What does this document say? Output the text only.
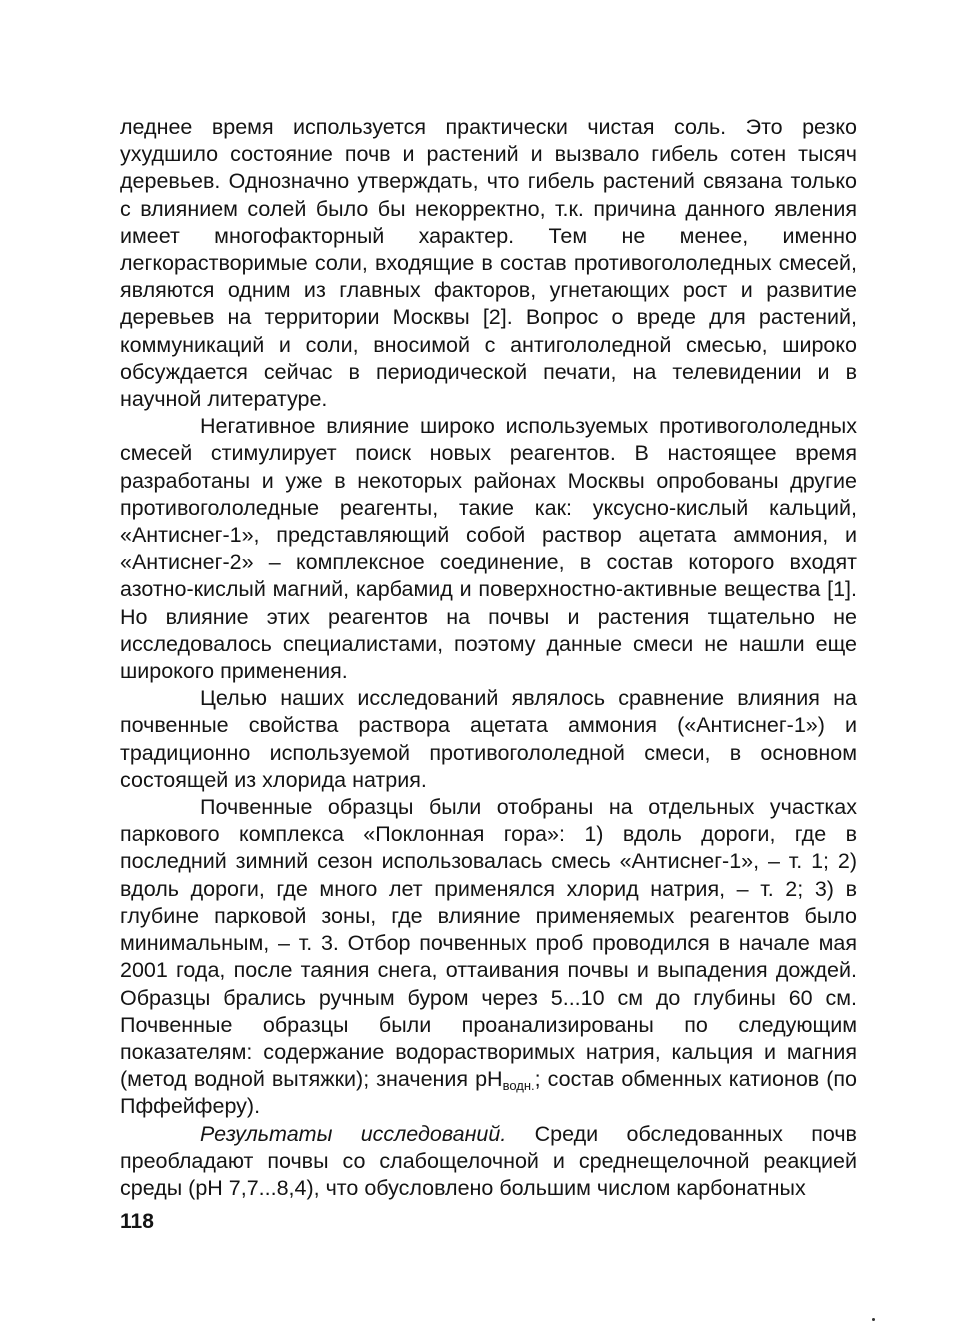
леднее время используется практически чистая соль. Это резко ухудшило состояние почв и растений и вызвало гибель сотен тысяч деревьев. Однозначно утверждать, что гибель растений связана только с влиянием солей было бы некорректно, т.к. причина данного явления имеет многофакторный характер. Тем не менее, именно легкорастворимые соли, входящие в состав противогололедных смесей, являются одним из главных факторов, угнетающих рост и развитие деревьев на территории Москвы [2]. Вопрос о вреде для растений, коммуникаций и соли, вносимой с антигололедной смесью, широко обсуждается сейчас в периодической печати, на телевидении и в научной литературе.

Негативное влияние широко используемых противогололедных смесей стимулирует поиск новых реагентов. В настоящее время разработаны и уже в некоторых районах Москвы опробованы другие противогололедные реагенты, такие как: уксусно-кислый кальций, «Антиснег-1», представляющий собой раствор ацетата аммония, и «Антиснег-2» – комплексное соединение, в состав которого входят азотно-кислый магний, карбамид и поверхностно-активные вещества [1]. Но влияние этих реагентов на почвы и растения тщательно не исследовалось специалистами, поэтому данные смеси не нашли еще широкого применения.

Целью наших исследований являлось сравнение влияния на почвенные свойства раствора ацетата аммония («Антиснег-1») и традиционно используемой противогололедной смеси, в основном состоящей из хлорида натрия.

Почвенные образцы были отобраны на отдельных участках паркового комплекса «Поклонная гора»: 1) вдоль дороги, где в последний зимний сезон использовалась смесь «Антиснег-1», – т. 1; 2) вдоль дороги, где много лет применялся хлорид натрия, – т. 2; 3) в глубине парковой зоны, где влияние применяемых реагентов было минимальным, – т. 3. Отбор почвенных проб проводился в начале мая 2001 года, после таяния снега, оттаивания почвы и выпадения дождей. Образцы брались ручным буром через 5...10 см до глубины 60 см. Почвенные образцы были проанализированы по следующим показателям: содержание водорастворимых натрия, кальция и магния (метод водной вытяжки); значения $pH_{водн.}$; состав обменных катионов (по Пффейферу).

Результаты исследований. Среди обследованных почв преобладают почвы со слабощелочной и среднещелочной реакцией среды (рН 7,7...8,4), что обусловлено большим числом карбонатных

118
